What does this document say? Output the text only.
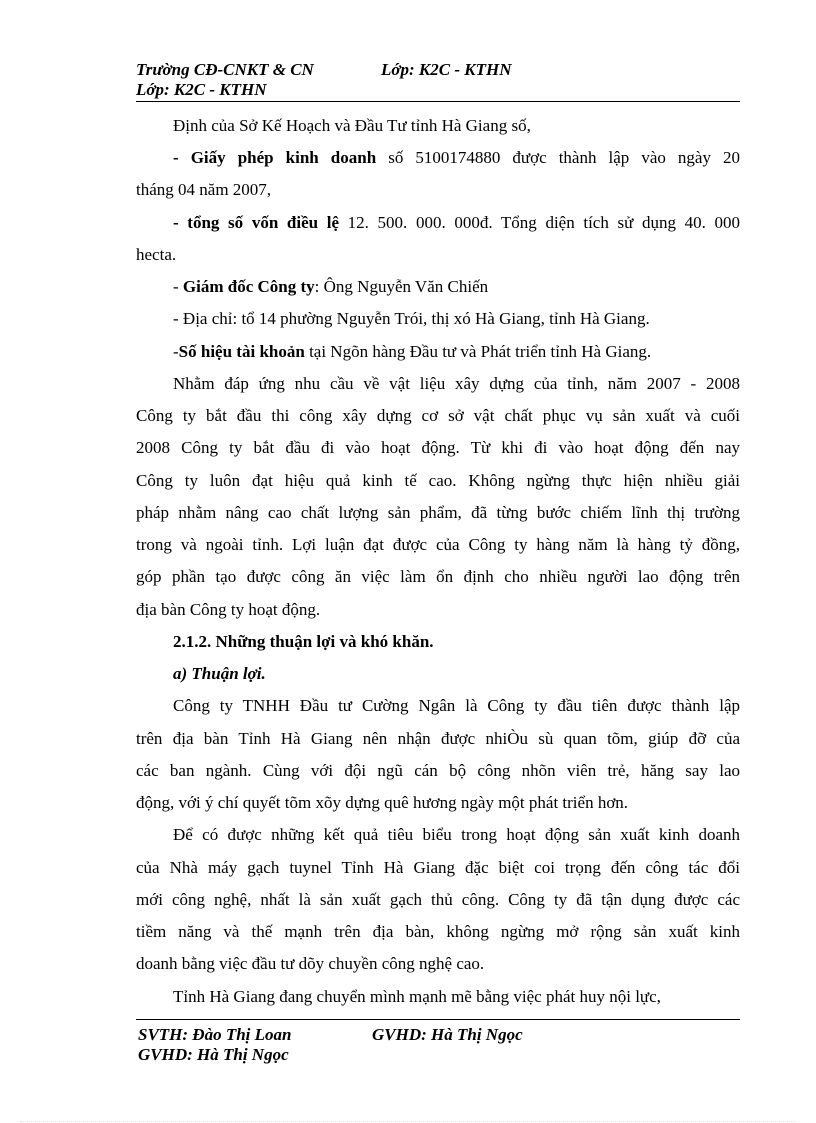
Trường CĐ-CNKT & CN	Lớp: K2C - KTHN
Lớp: K2C - KTHN
Định của Sở Kế Hoạch và Đầu Tư tỉnh Hà Giang số,
- Giấy phép kinh doanh số 5100174880 được thành lập vào ngày 20
tháng 04 năm 2007,
- tổng số vốn điều lệ 12. 500. 000. 000đ. Tổng diện tích sử dụng 40. 000
hecta.
- Giám đốc Công ty: Ông Nguyễn Văn Chiến
- Địa chỉ: tổ 14 phường Nguyễn Trói, thị xó Hà Giang, tỉnh Hà Giang.
-Số hiệu tài khoản tại Ngõn hàng Đầu tư và Phát triển tỉnh Hà Giang.
Nhằm đáp ứng nhu cầu về vật liệu xây dựng của tỉnh, năm 2007 - 2008
Công ty bắt đầu thi công xây dựng cơ sở vật chất phục vụ sản xuất và cuối
2008 Công ty bắt đầu đi vào hoạt động. Từ khi đi vào hoạt động đến nay
Công ty luôn đạt hiệu quả kinh tế cao. Không ngừng thực hiện nhiều giải
pháp nhằm nâng cao chất lượng sản phẩm, đã từng bước chiếm lĩnh thị trường
trong và ngoài tỉnh. Lợi luận đạt được của Công ty hàng năm là hàng tỷ đồng,
góp phần tạo được công ăn việc làm ổn định cho nhiều người lao động trên
địa bàn Công ty hoạt động.
2.1.2. Những thuận lợi và khó khăn.
a) Thuận lợi.
Công ty TNHH Đầu tư Cường Ngân là Công ty đầu tiên được thành lập
trên địa bàn Tỉnh Hà Giang nên nhận được nhiÒu sù quan tõm, giúp đỡ của
các ban ngành. Cùng với đội ngũ cán bộ công nhõn viên trẻ, hăng say lao
động, với ý chí quyết tõm xõy dựng quê hương ngày một phát triển hơn.
Để có được những kết quả tiêu biểu trong hoạt động sản xuất kinh doanh
của Nhà máy gạch tuynel Tỉnh Hà Giang đặc biệt coi trọng đến công tác đổi
mới công nghệ, nhất là sản xuất gạch thủ công. Công ty đã tận dụng được các
tiềm năng và thế mạnh trên địa bàn, không ngừng mở rộng sản xuất kinh
doanh bằng việc đầu tư dõy chuyền công nghệ cao.
Tỉnh Hà Giang đang chuyển mình mạnh mẽ bằng việc phát huy nội lực,
SVTH: Đào Thị Loan	GVHD: Hà Thị Ngọc
GVHD: Hà Thị Ngọc
